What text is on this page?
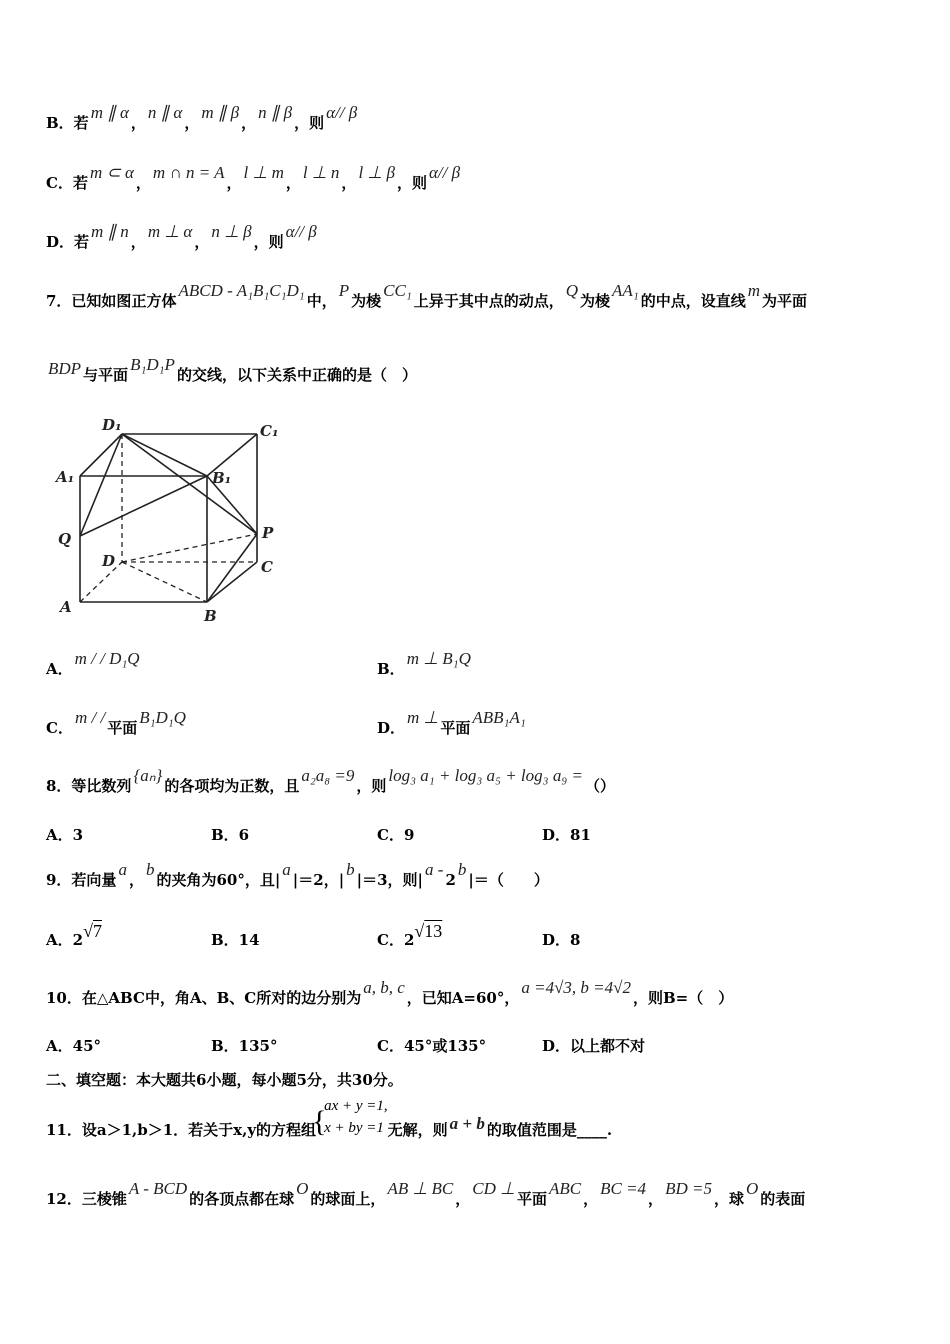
B．若m ∥ α，n ∥ α，m ∥ β，n ∥ β，则α// β
C．若m ⊂ α，m ∩ n = A，l ⊥ m，l ⊥ n，l ⊥ β，则α// β
D．若m ∥ n，m ⊥ α，n ⊥ β，则α// β
7．已知如图正方体ABCD - A₁B₁C₁D₁中，P为棱CC₁上异于其中点的动点，Q为棱AA₁的中点，设直线m为平面
BDP 与平面B₁D₁P的交线，以下关系中正确的是（　）
D₁	C₁
A₁	B₁
Q	P
D	C
A	B
A．m / / D₁Q
B．m ⊥ B₁Q
C．m / /平面B₁D₁Q
D．m ⊥平面ABB₁A₁
8．等比数列{aₙ}的各项均为正数，且a₂a₈ =9，则log₃ a₁ + log₃ a₅ + log₃ a₉ =（）
A．3	B．6	C．9	D．81
9．若向量a，b的夹角为60°，且|a|＝2，|b|＝3，则|a -2b|＝（　　）
A．2√7	B．14	C．2√13	D．8
10．在△ABC中，角A、B、C所对的边分别为a, b, c，已知A=60°，a =4√3, b =4√2，则B=（　）
A．45°	B．135°	C．45°或135°	D．以上都不对
二、填空题：本大题共6小题，每小题5分，共30分。
11．设a＞1,b＞1．若关于x,y的方程组
{
ax + y =1,
x + by =1 无解，则 a + b 的取值范围是____.
12．三棱锥A - BCD的各顶点都在球O的球面上，AB ⊥ BC，CD ⊥平面ABC，BC =4，BD =5，球O的表面
